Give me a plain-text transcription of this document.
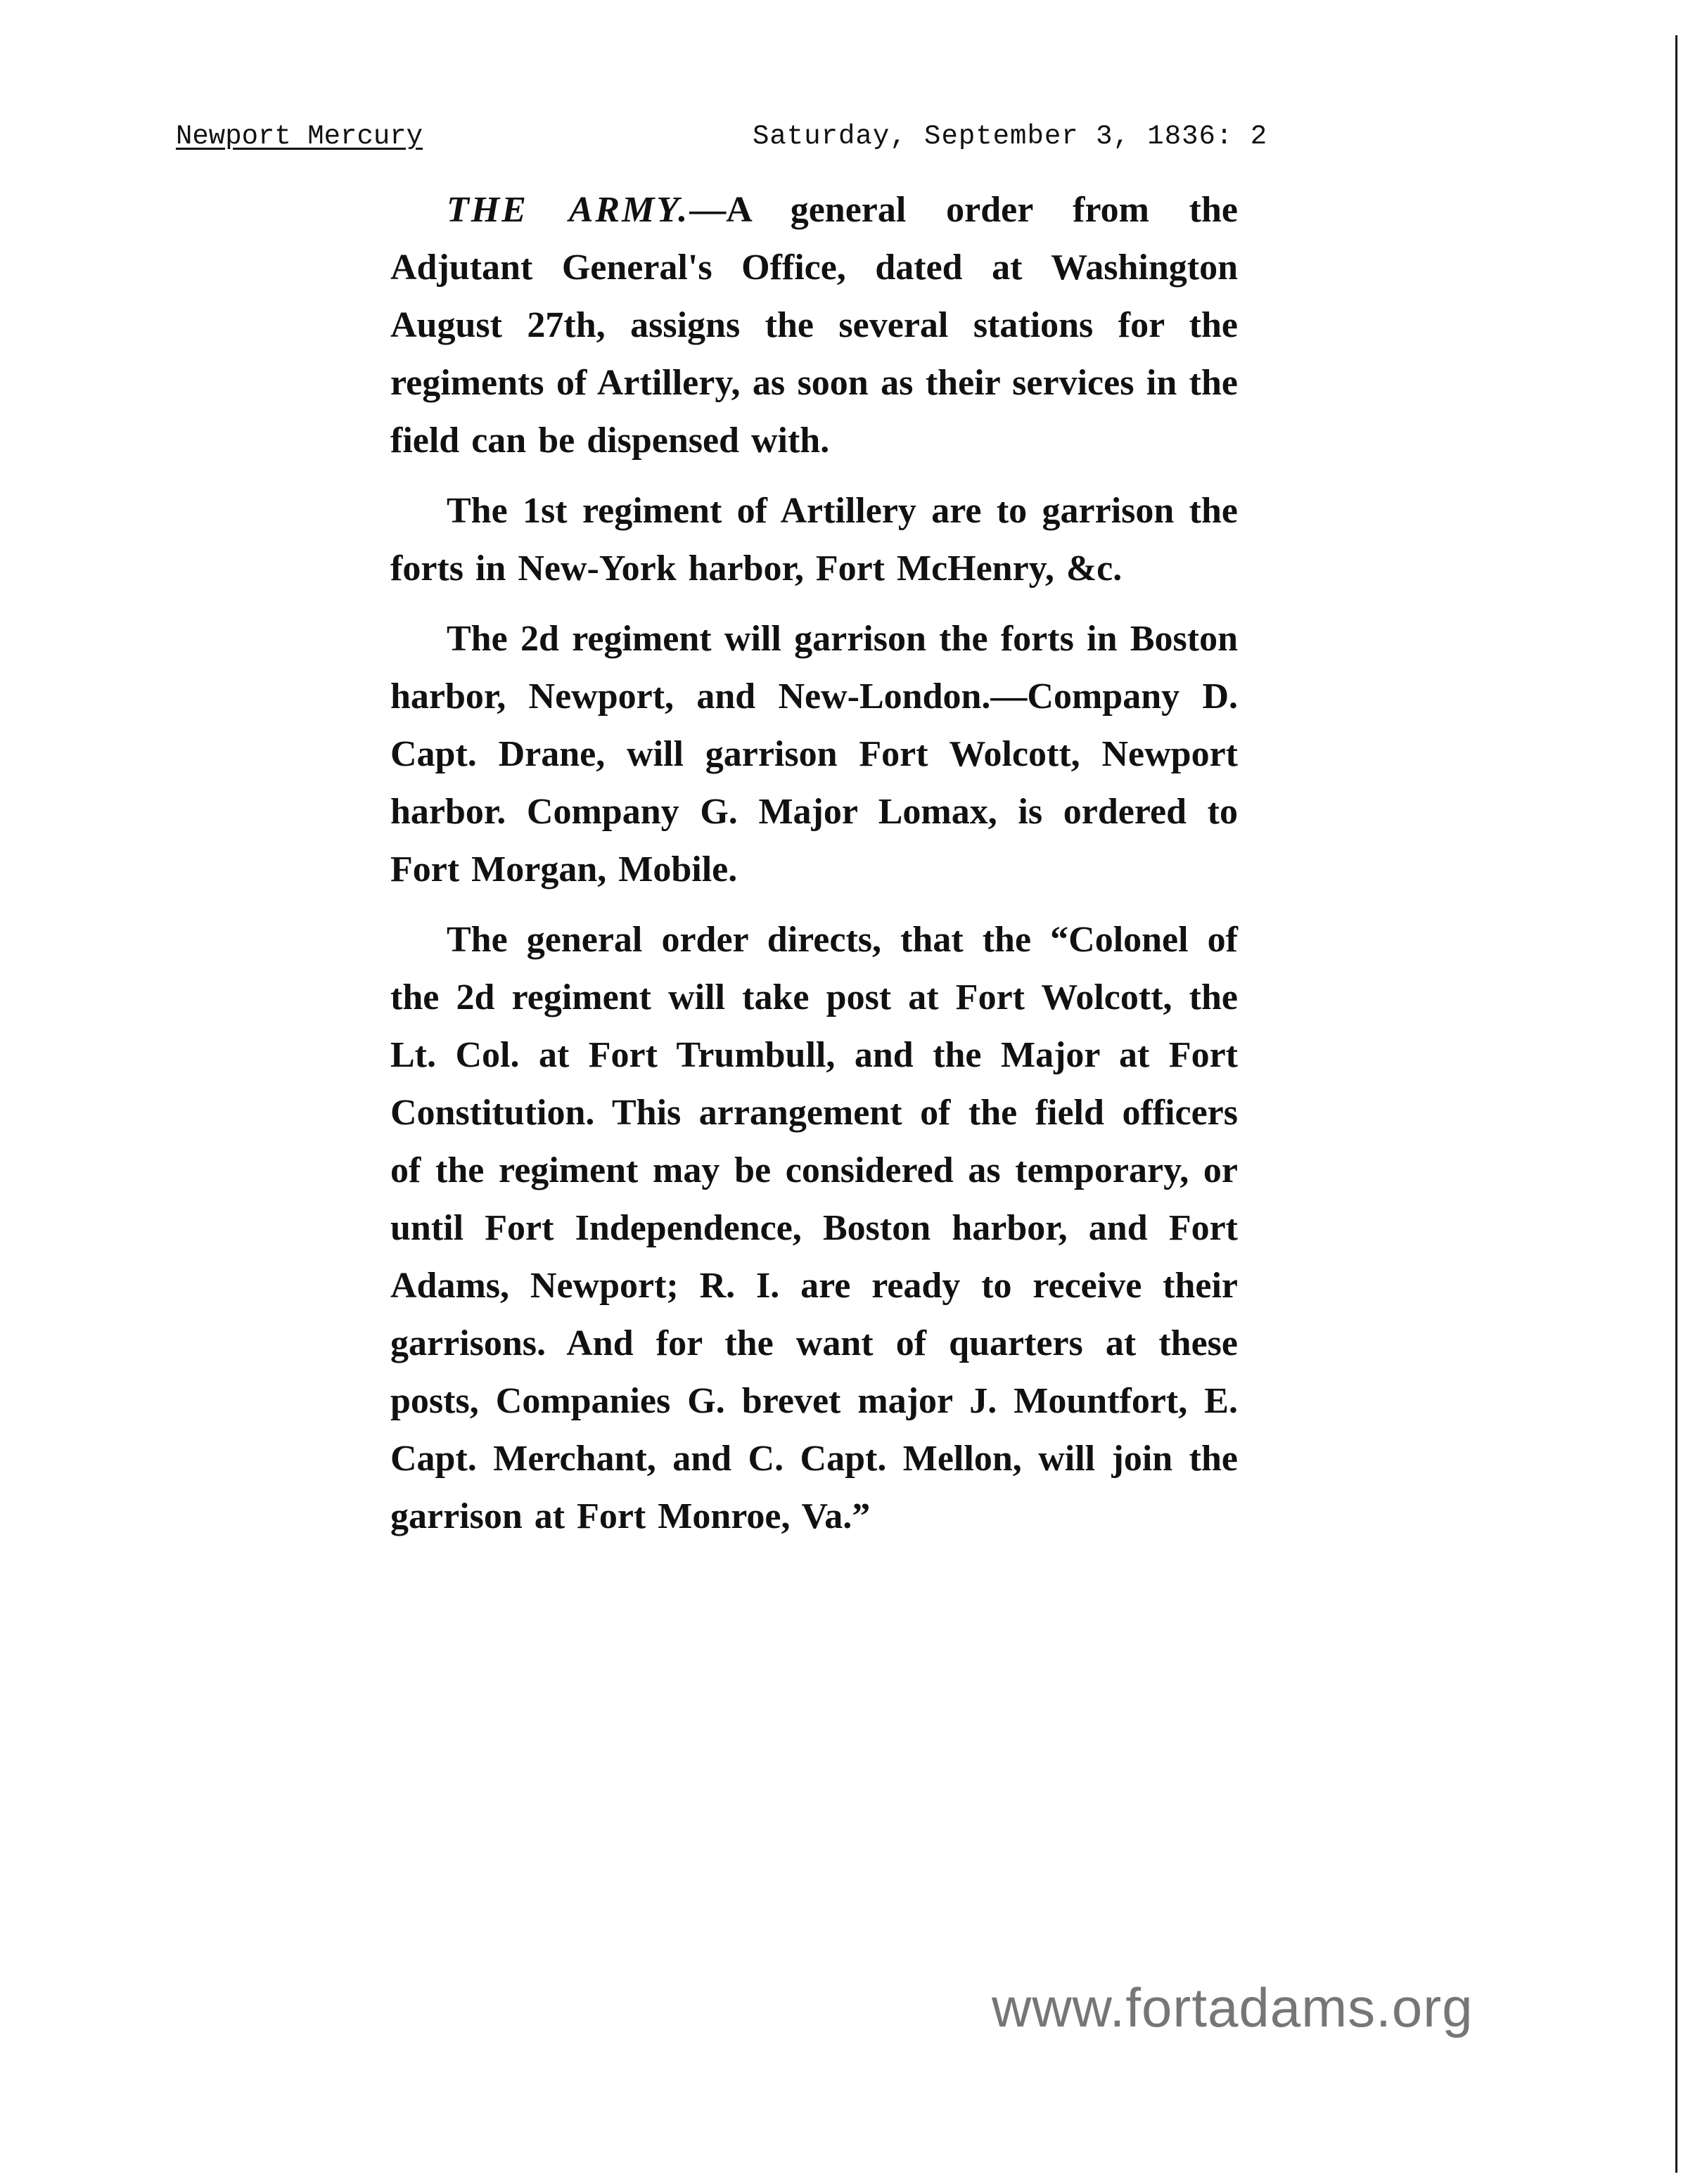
Newport Mercury	Saturday, September 3, 1836: 2

THE ARMY.—A general order from the Adjutant General's Office, dated at Washington August 27th, assigns the several stations for the regiments of Artillery, as soon as their services in the field can be dispensed with.

The 1st regiment of Artillery are to garrison the forts in New-York harbor, Fort McHenry, &c.

The 2d regiment will garrison the forts in Boston harbor, Newport, and New-London.—Company D. Capt. Drane, will garrison Fort Wolcott, Newport harbor. Company G. Major Lomax, is ordered to Fort Morgan, Mobile.

The general order directs, that the “Colonel of the 2d regiment will take post at Fort Wolcott, the Lt. Col. at Fort Trumbull, and the Major at Fort Constitution. This arrangement of the field officers of the regiment may be considered as temporary, or until Fort Independence, Boston harbor, and Fort Adams, Newport; R. I. are ready to receive their garrisons. And for the want of quarters at these posts, Companies G. brevet major J. Mountfort, E. Capt. Merchant, and C. Capt. Mellon, will join the garrison at Fort Monroe, Va.”

www.fortadams.org
